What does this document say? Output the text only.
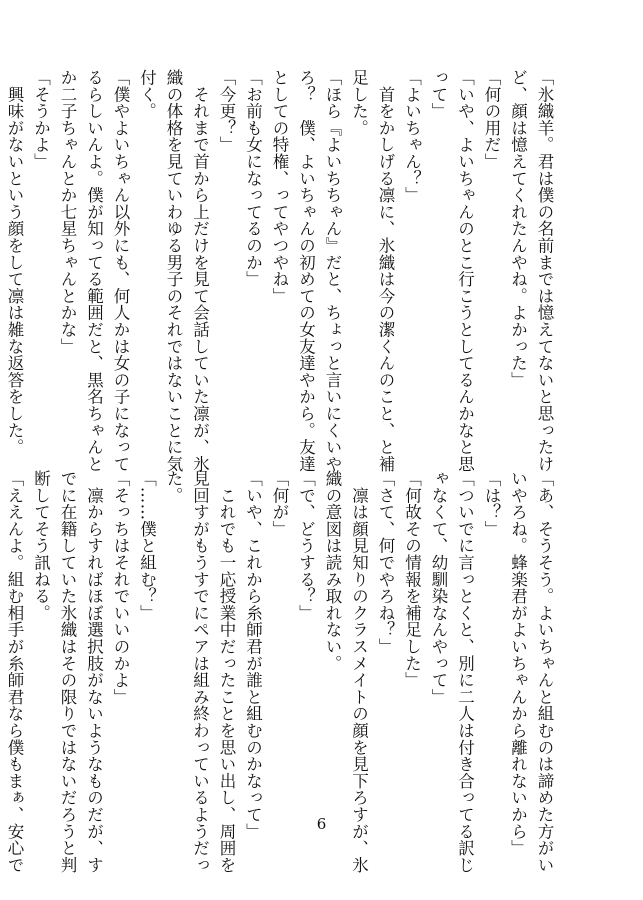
「氷織羊。君は僕の名前までは憶えてないと思ったけ
ど、顔は憶えてくれたんやね。よかった」
「何の用だ」
「いや、よいちゃんのとこ行こうとしてるんかなと思
って」
「よいちゃん？」
　首をかしげる凛に、氷織は今の潔くんのこと、と補
足した。
「ほら『よいちちゃん』だと、ちょっと言いにくいや
ろ？　僕、よいちゃんの初めての女友達やから。友達
としての特権、ってやつやね」
「お前も女になってるのか」
「今更？」
　それまで首から上だけを見て会話していた凛が、氷
織の体格を見ていわゆる男子のそれではないことに気
付く。
「僕やよいちゃん以外にも、何人かは女の子になって
るらしいんよ。僕が知ってる範囲だと、黒名ちゃんと
か二子ちゃんとか七星ちゃんとかな」
「そうかよ」
　興味がないという顔をして凛は雑な返答をした。
「あ、そうそう。よいちゃんと組むのは諦めた方がい
いやろね。蜂楽君がよいちゃんから離れないから」
「は？」
「ついでに言っとくと、別に二人は付き合ってる訳じ
ゃなくて、幼馴染なんやって」
「何故その情報を補足した」
「さて、何でやろね？」
　凛は顔見知りのクラスメイトの顔を見下ろすが、氷
織の意図は読み取れない。
「で、どうする？」
「何が」
「いや、これから糸師君が誰と組むのかなって」
　これでも一応授業中だったことを思い出し、周囲を
見回すがもうすでにペアは組み終わっているようだっ
た。
「……僕と組む？」
「そっちはそれでいいのかよ」
　凛からすればほぼ選択肢がないようなものだが、す
でに在籍していた氷織はその限りではないだろうと判
断してそう訊ねる。
「ええんよ。組む相手が糸師君なら僕もまぁ、安心で	6
